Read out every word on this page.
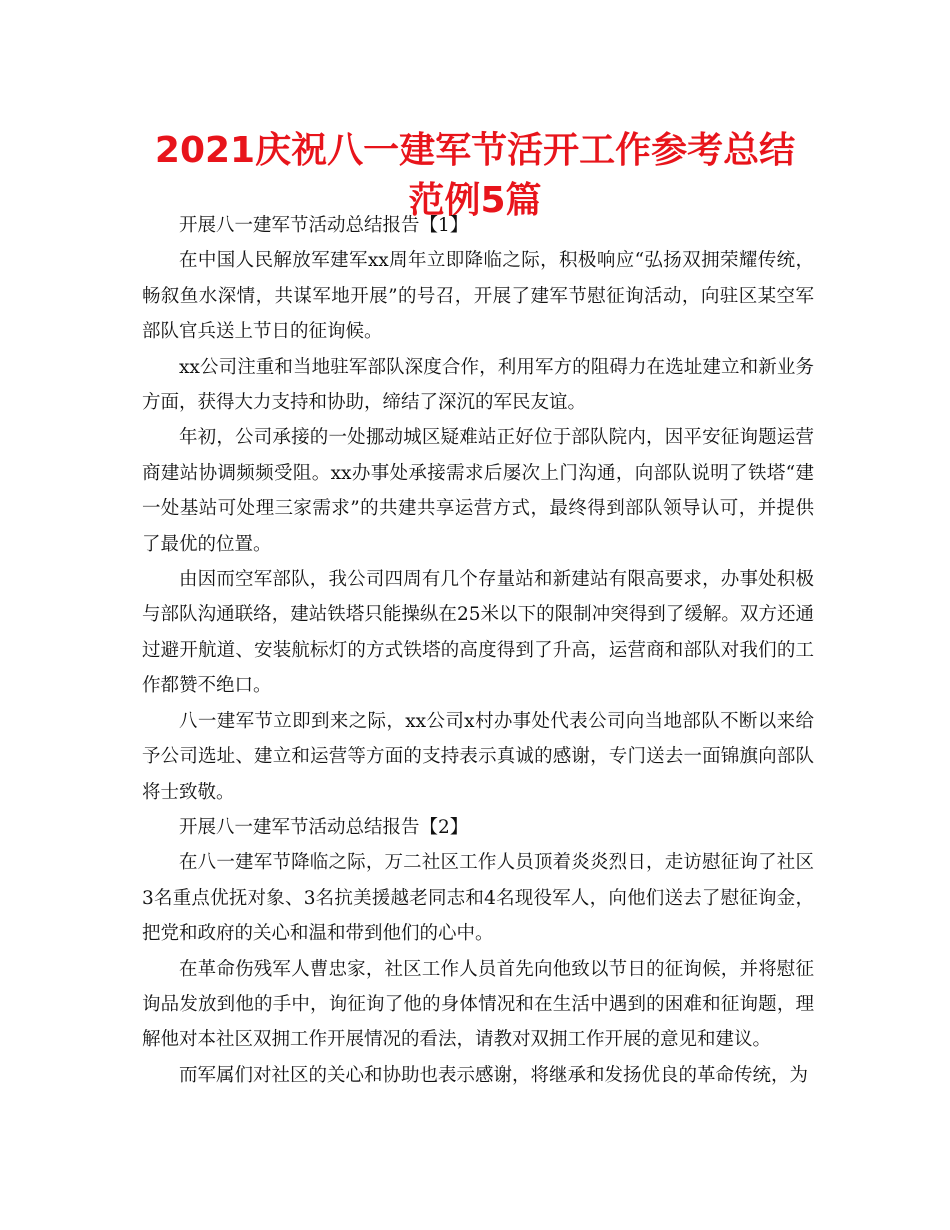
2021庆祝八一建军节活开工作参考总结范例5篇

开展八一建军节活动总结报告【1】

在中国人民解放军建军xx周年立即降临之际，积极响应“弘扬双拥荣耀传统，畅叙鱼水深情，共谋军地开展”的号召，开展了建军节慰征询活动，向驻区某空军部队官兵送上节日的征询候。

xx公司注重和当地驻军部队深度合作，利用军方的阻碍力在选址建立和新业务方面，获得大力支持和协助，缔结了深沉的军民友谊。

年初，公司承接的一处挪动城区疑难站正好位于部队院内，因平安征询题运营商建站协调频频受阻。xx办事处承接需求后屡次上门沟通，向部队说明了铁塔“建一处基站可处理三家需求”的共建共享运营方式，最终得到部队领导认可，并提供了最优的位置。

由因而空军部队，我公司四周有几个存量站和新建站有限高要求，办事处积极与部队沟通联络，建站铁塔只能操纵在25米以下的限制冲突得到了缓解。双方还通过避开航道、安装航标灯的方式铁塔的高度得到了升高，运营商和部队对我们的工作都赞不绝口。

八一建军节立即到来之际，xx公司x村办事处代表公司向当地部队不断以来给予公司选址、建立和运营等方面的支持表示真诚的感谢，专门送去一面锦旗向部队将士致敬。

开展八一建军节活动总结报告【2】

在八一建军节降临之际，万二社区工作人员顶着炎炎烈日，走访慰征询了社区3名重点优抚对象、3名抗美援越老同志和4名现役军人，向他们送去了慰征询金，把党和政府的关心和温和带到他们的心中。

在革命伤残军人曹忠家，社区工作人员首先向他致以节日的征询候，并将慰征询品发放到他的手中，询征询了他的身体情况和在生活中遇到的困难和征询题，理解他对本社区双拥工作开展情况的看法，请教对双拥工作开展的意见和建议。

而军属们对社区的关心和协助也表示感谢，将继承和发扬优良的革命传统，为
